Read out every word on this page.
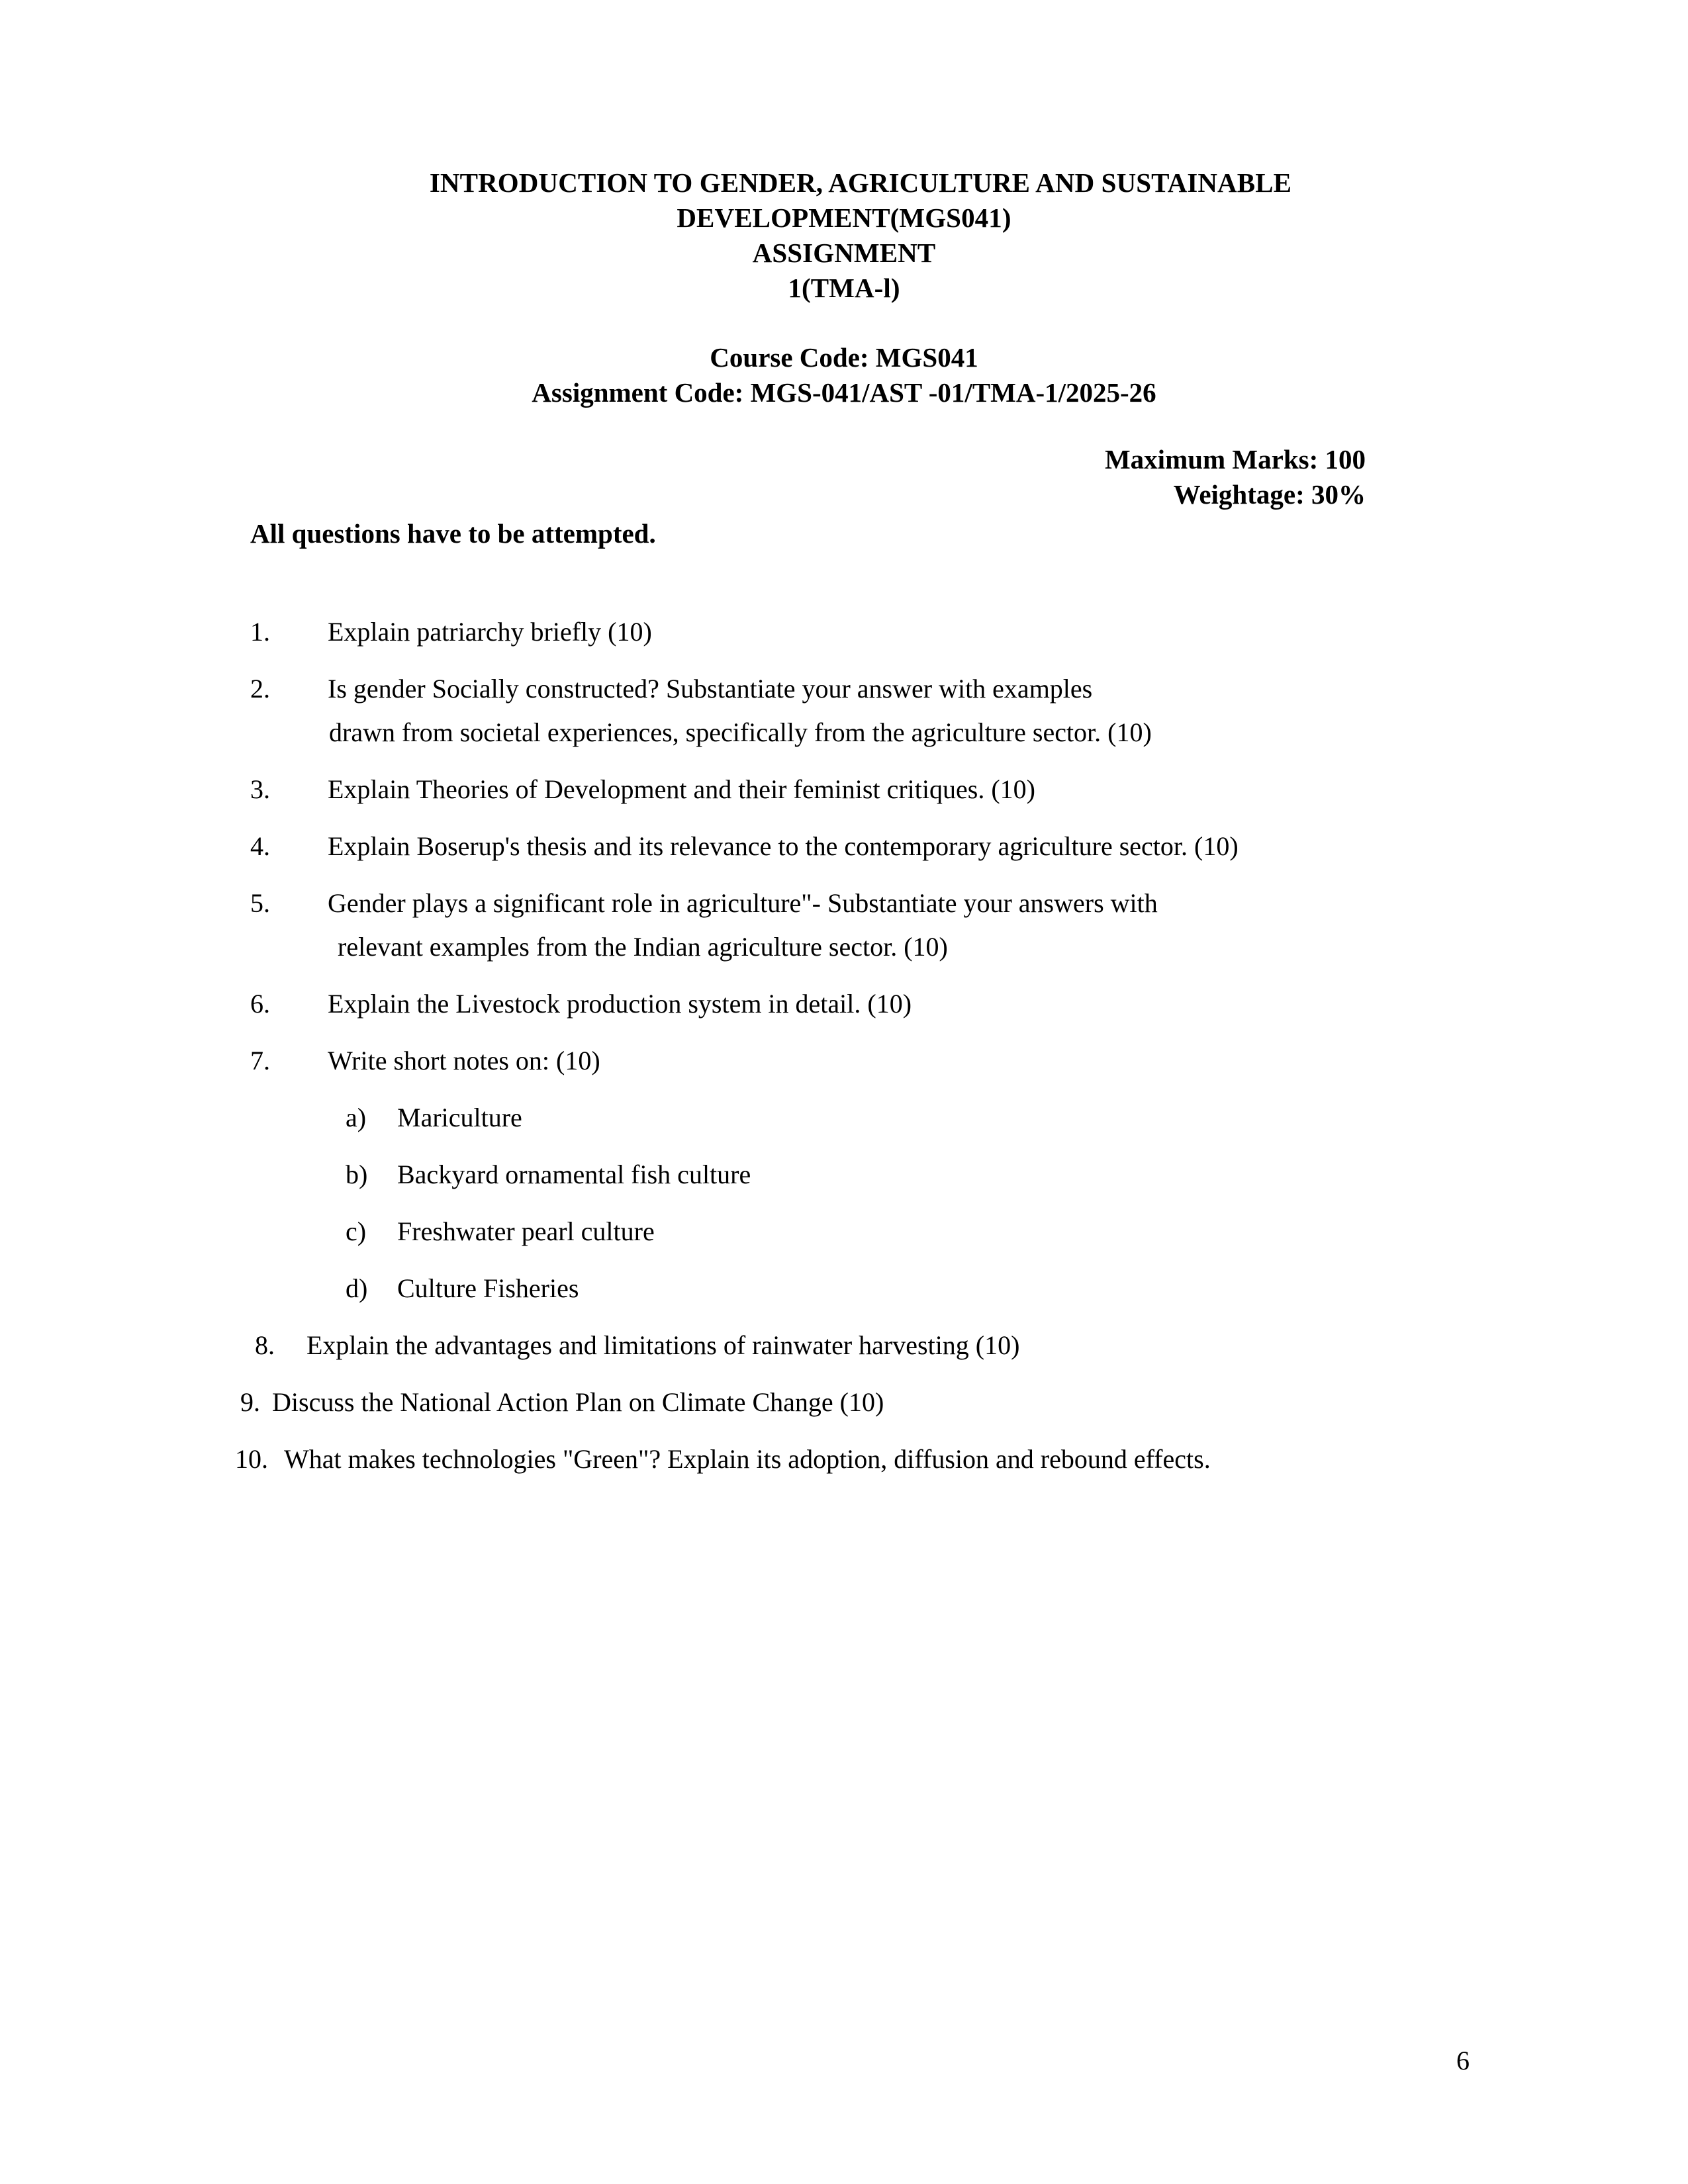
INTRODUCTION TO GENDER, AGRICULTURE AND SUSTAINABLE
DEVELOPMENT(MGS041)
ASSIGNMENT
1(TMA-l)
Course Code: MGS041
Assignment Code: MGS-041/AST -01/TMA-1/2025-26
Maximum Marks: 100
Weightage: 30%
All questions have to be attempted.
1.	Explain patriarchy briefly (10)
2.	Is gender Socially constructed? Substantiate your answer with examples
drawn from societal experiences, specifically from the agriculture sector. (10)
3.	Explain Theories of Development and their feminist critiques. (10)
4.	Explain Boserup's thesis and its relevance to the contemporary agriculture sector. (10)
5.	Gender plays a significant role in agriculture"- Substantiate your answers with
relevant examples from the Indian agriculture sector. (10)
6.	Explain the Livestock production system in detail. (10)
7.	Write short notes on: (10)
a)	Mariculture
b)	Backyard ornamental fish culture
c)	Freshwater pearl culture
d)	Culture Fisheries
8.	Explain the advantages and limitations of rainwater harvesting (10)
9. Discuss the National Action Plan on Climate Change (10)
10. What makes technologies "Green"? Explain its adoption, diffusion and rebound effects.
6
